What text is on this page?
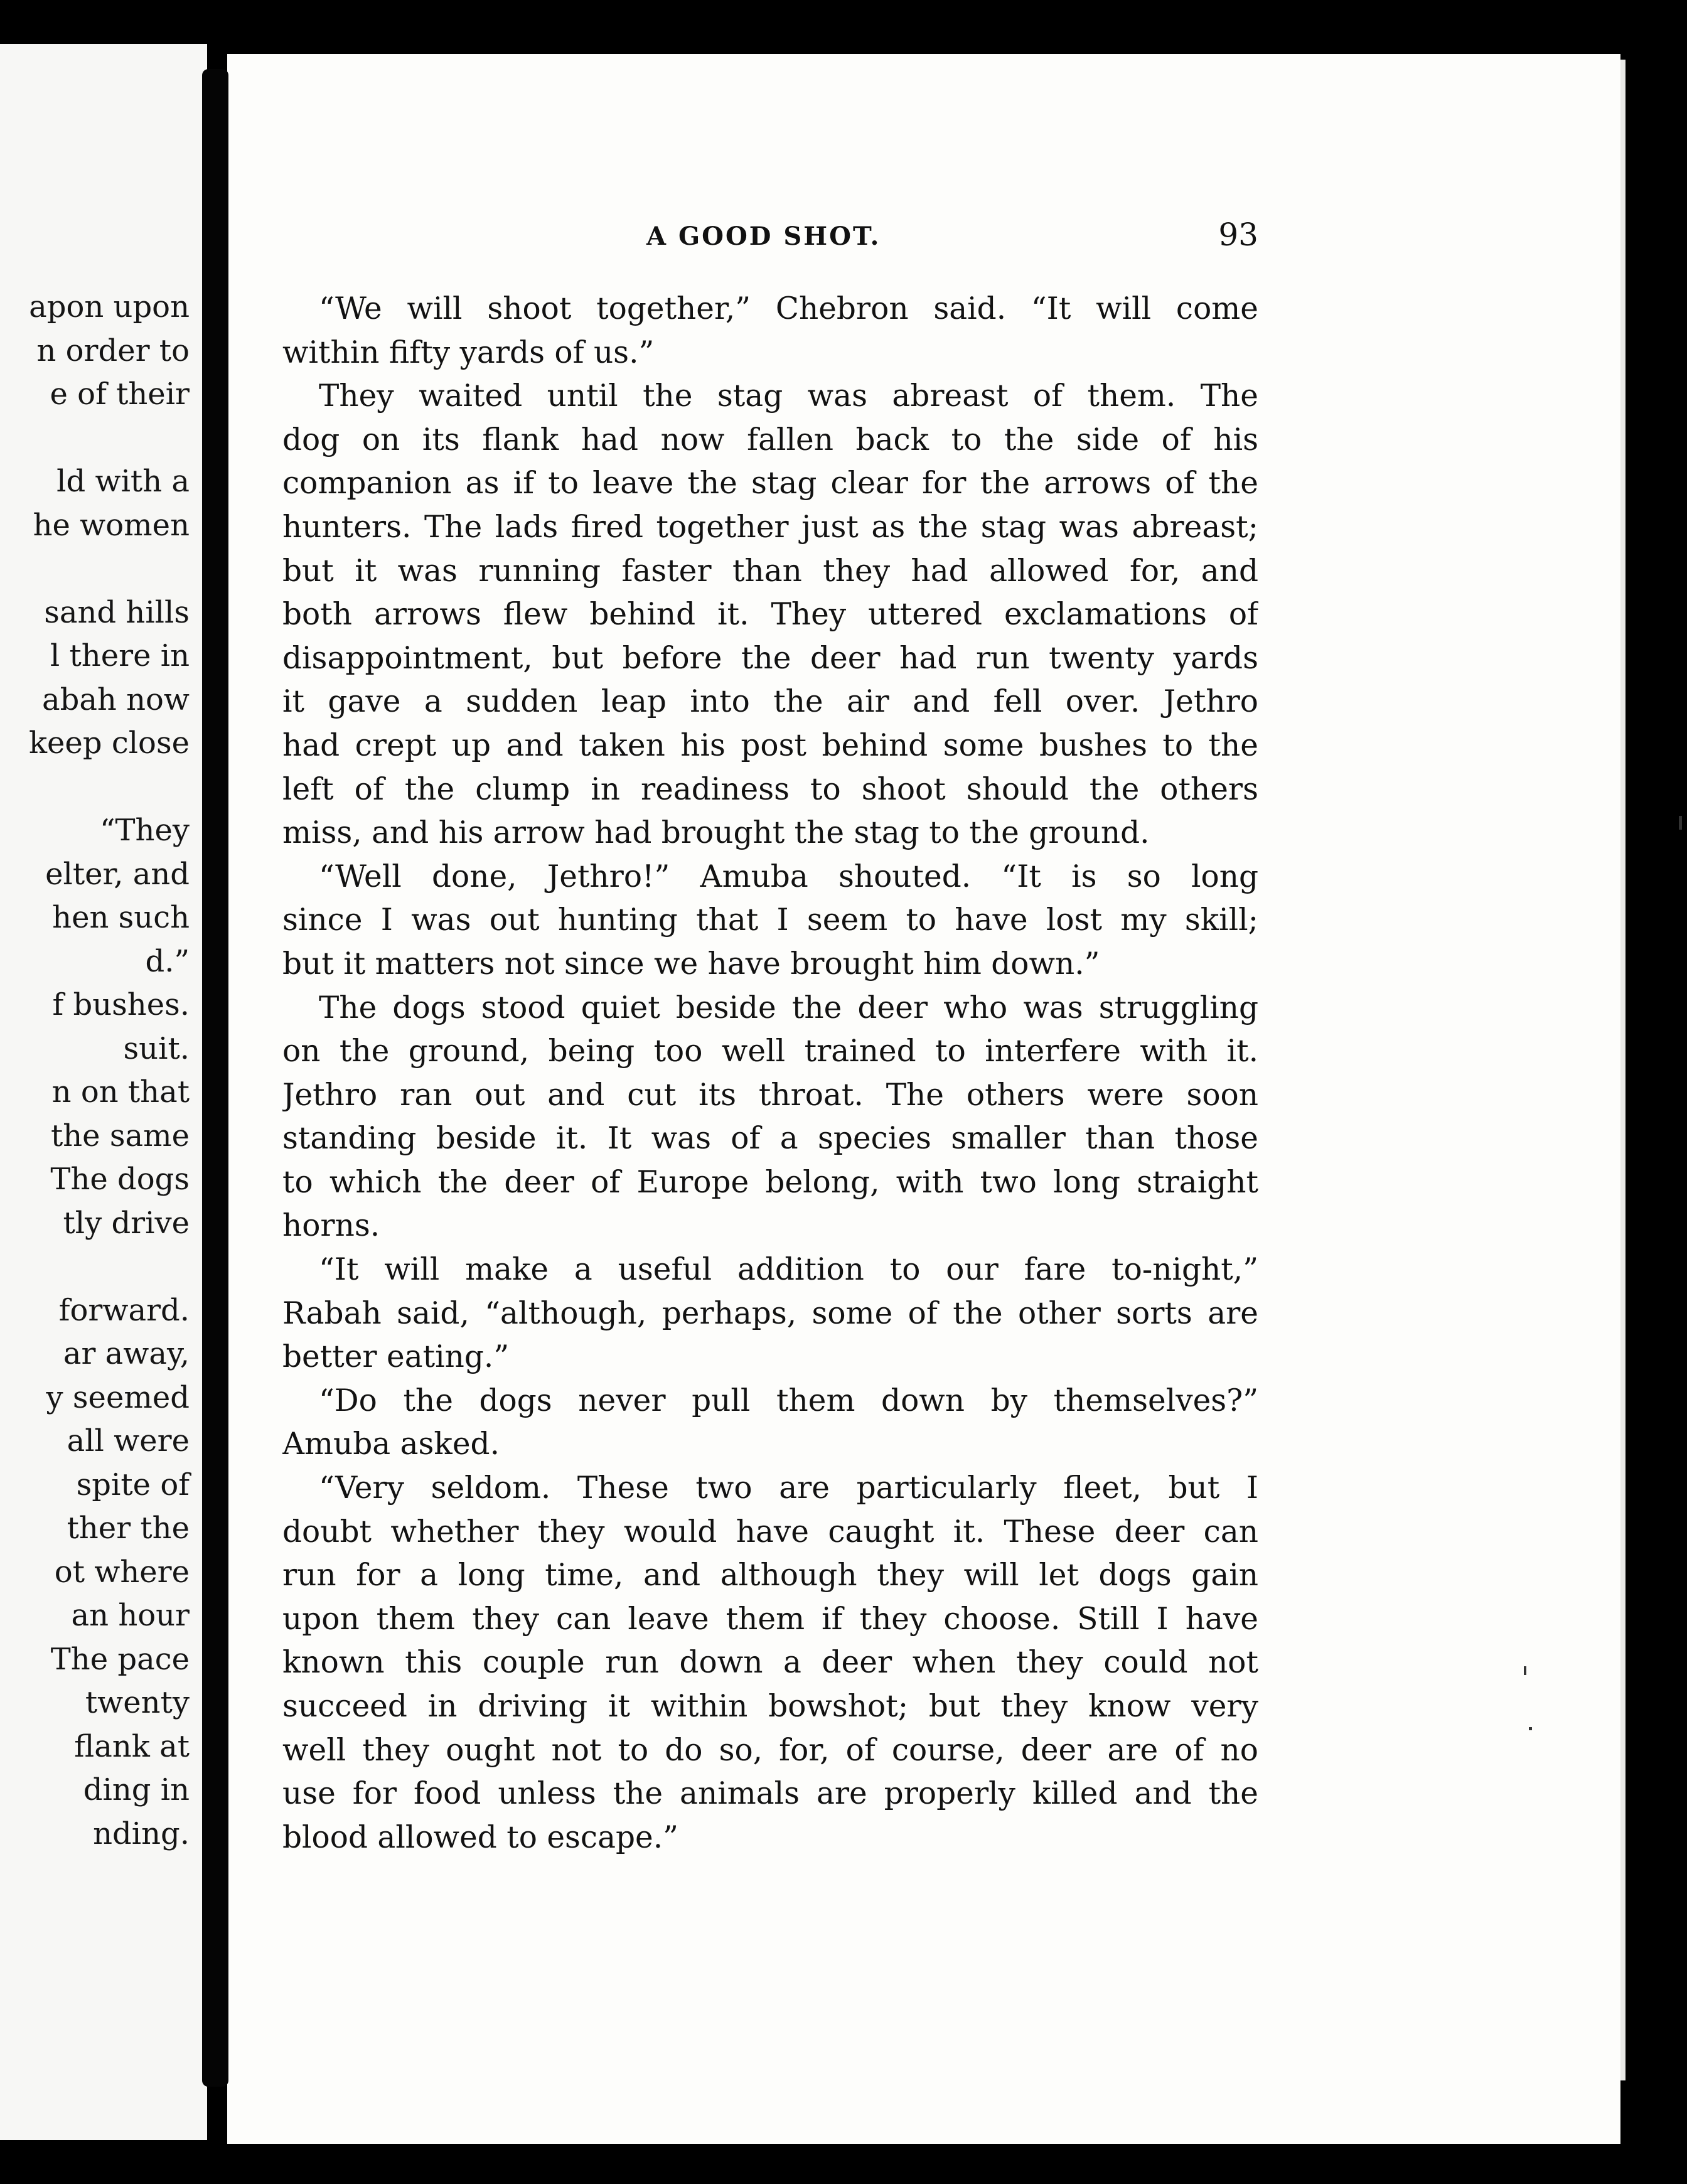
apon upon
n order to
e of their
ld with a
he women
sand hills
l there in
abah now
keep close
“They
elter, and
hen such
d.”
f bushes.
suit.
n on that
the same
The dogs
tly drive
forward.
ar away,
y seemed
all were
spite of
ther the
ot where
an hour
The pace
twenty
flank at
ding in
nding.
A GOOD SHOT.	93
“We will shoot together,” Chebron said. “It will come
within fifty yards of us.”
They waited until the stag was abreast of them. The
dog on its flank had now fallen back to the side of his
companion as if to leave the stag clear for the arrows of the
hunters. The lads fired together just as the stag was abreast;
but it was running faster than they had allowed for, and
both arrows flew behind it. They uttered exclamations of
disappointment, but before the deer had run twenty yards
it gave a sudden leap into the air and fell over. Jethro
had crept up and taken his post behind some bushes to the
left of the clump in readiness to shoot should the others
miss, and his arrow had brought the stag to the ground.
“Well done, Jethro!” Amuba shouted. “It is so long
since I was out hunting that I seem to have lost my skill;
but it matters not since we have brought him down.”
The dogs stood quiet beside the deer who was struggling
on the ground, being too well trained to interfere with it.
Jethro ran out and cut its throat. The others were soon
standing beside it. It was of a species smaller than those
to which the deer of Europe belong, with two long straight
horns.
“It will make a useful addition to our fare to-night,”
Rabah said, “although, perhaps, some of the other sorts are
better eating.”
“Do the dogs never pull them down by themselves?”
Amuba asked.
“Very seldom. These two are particularly fleet, but I
doubt whether they would have caught it. These deer can
run for a long time, and although they will let dogs gain
upon them they can leave them if they choose. Still I have
known this couple run down a deer when they could not
succeed in driving it within bowshot; but they know very
well they ought not to do so, for, of course, deer are of no
use for food unless the animals are properly killed and the
blood allowed to escape.”
